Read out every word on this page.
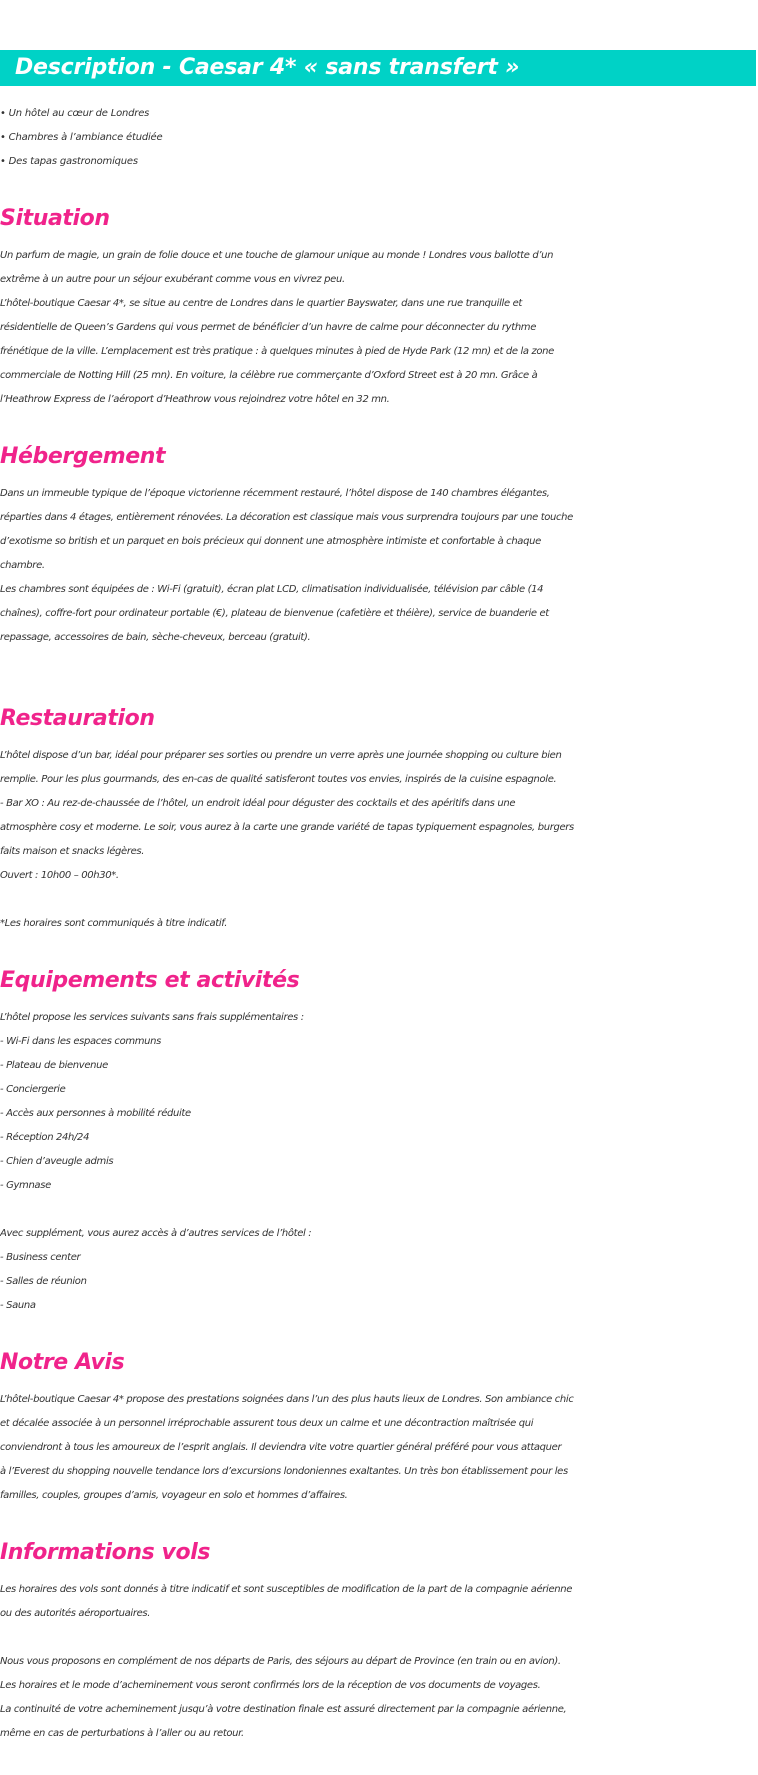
Description - Caesar 4* « sans transfert »
• Un hôtel au cœur de Londres
• Chambres à l’ambiance étudiée
• Des tapas gastronomiques
Situation

Un parfum de magie, un grain de folie douce et une touche de glamour unique au monde ! Londres vous ballotte d’un

extrême à un autre pour un séjour exubérant comme vous en vivrez peu.

L’hôtel-boutique Caesar 4*, se situe au centre de Londres dans le quartier Bayswater, dans une rue tranquille et

résidentielle de Queen’s Gardens qui vous permet de bénéficier d’un havre de calme pour déconnecter du rythme

frénétique de la ville. L’emplacement est très pratique : à quelques minutes à pied de Hyde Park (12 mn) et de la zone

commerciale de Notting Hill (25 mn). En voiture, la célèbre rue commerçante d’Oxford Street est à 20 mn. Grâce à

l’Heathrow Express de l’aéroport d’Heathrow vous rejoindrez votre hôtel en 32 mn.

Hébergement

Dans un immeuble typique de l’époque victorienne récemment restauré, l’hôtel dispose de 140 chambres élégantes,

réparties dans 4 étages, entièrement rénovées. La décoration est classique mais vous surprendra toujours par une touche

d’exotisme so british et un parquet en bois précieux qui donnent une atmosphère intimiste et confortable à chaque

chambre.

Les chambres sont équipées de : Wi-Fi (gratuit), écran plat LCD, climatisation individualisée, télévision par câble (14

chaînes), coffre-fort pour ordinateur portable (€), plateau de bienvenue (cafetière et théière), service de buanderie et

repassage, accessoires de bain, sèche-cheveux, berceau (gratuit).

Restauration

L’hôtel dispose d’un bar, idéal pour préparer ses sorties ou prendre un verre après une journée shopping ou culture bien

remplie. Pour les plus gourmands, des en-cas de qualité satisferont toutes vos envies, inspirés de la cuisine espagnole.

- Bar XO : Au rez-de-chaussée de l’hôtel, un endroit idéal pour déguster des cocktails et des apéritifs dans une

atmosphère cosy et moderne. Le soir, vous aurez à la carte une grande variété de tapas typiquement espagnoles, burgers

faits maison et snacks légères.

Ouvert : 10h00 – 00h30*.

*Les horaires sont communiqués à titre indicatif.

Equipements et activités

L’hôtel propose les services suivants sans frais supplémentaires :

- Wi-Fi dans les espaces communs

- Plateau de bienvenue

- Conciergerie

- Accès aux personnes à mobilité réduite

- Réception 24h/24

- Chien d’aveugle admis

- Gymnase

Avec supplément, vous aurez accès à d’autres services de l’hôtel :

- Business center

- Salles de réunion

- Sauna

Notre Avis

L’hôtel-boutique Caesar 4* propose des prestations soignées dans l’un des plus hauts lieux de Londres. Son ambiance chic

et décalée associée à un personnel irréprochable assurent tous deux un calme et une décontraction maîtrisée qui

conviendront à tous les amoureux de l’esprit anglais. Il deviendra vite votre quartier général préféré pour vous attaquer

à l’Everest du shopping nouvelle tendance lors d’excursions londoniennes exaltantes. Un très bon établissement pour les

familles, couples, groupes d’amis, voyageur en solo et hommes d’affaires.

Informations vols

Les horaires des vols sont donnés à titre indicatif et sont susceptibles de modification de la part de la compagnie aérienne

ou des autorités aéroportuaires.

Nous vous proposons en complément de nos départs de Paris, des séjours au départ de Province (en train ou en avion).

Les horaires et le mode d’acheminement vous seront confirmés lors de la réception de vos documents de voyages.

La continuité de votre acheminement jusqu’à votre destination finale est assuré directement par la compagnie aérienne,

même en cas de perturbations à l’aller ou au retour.
